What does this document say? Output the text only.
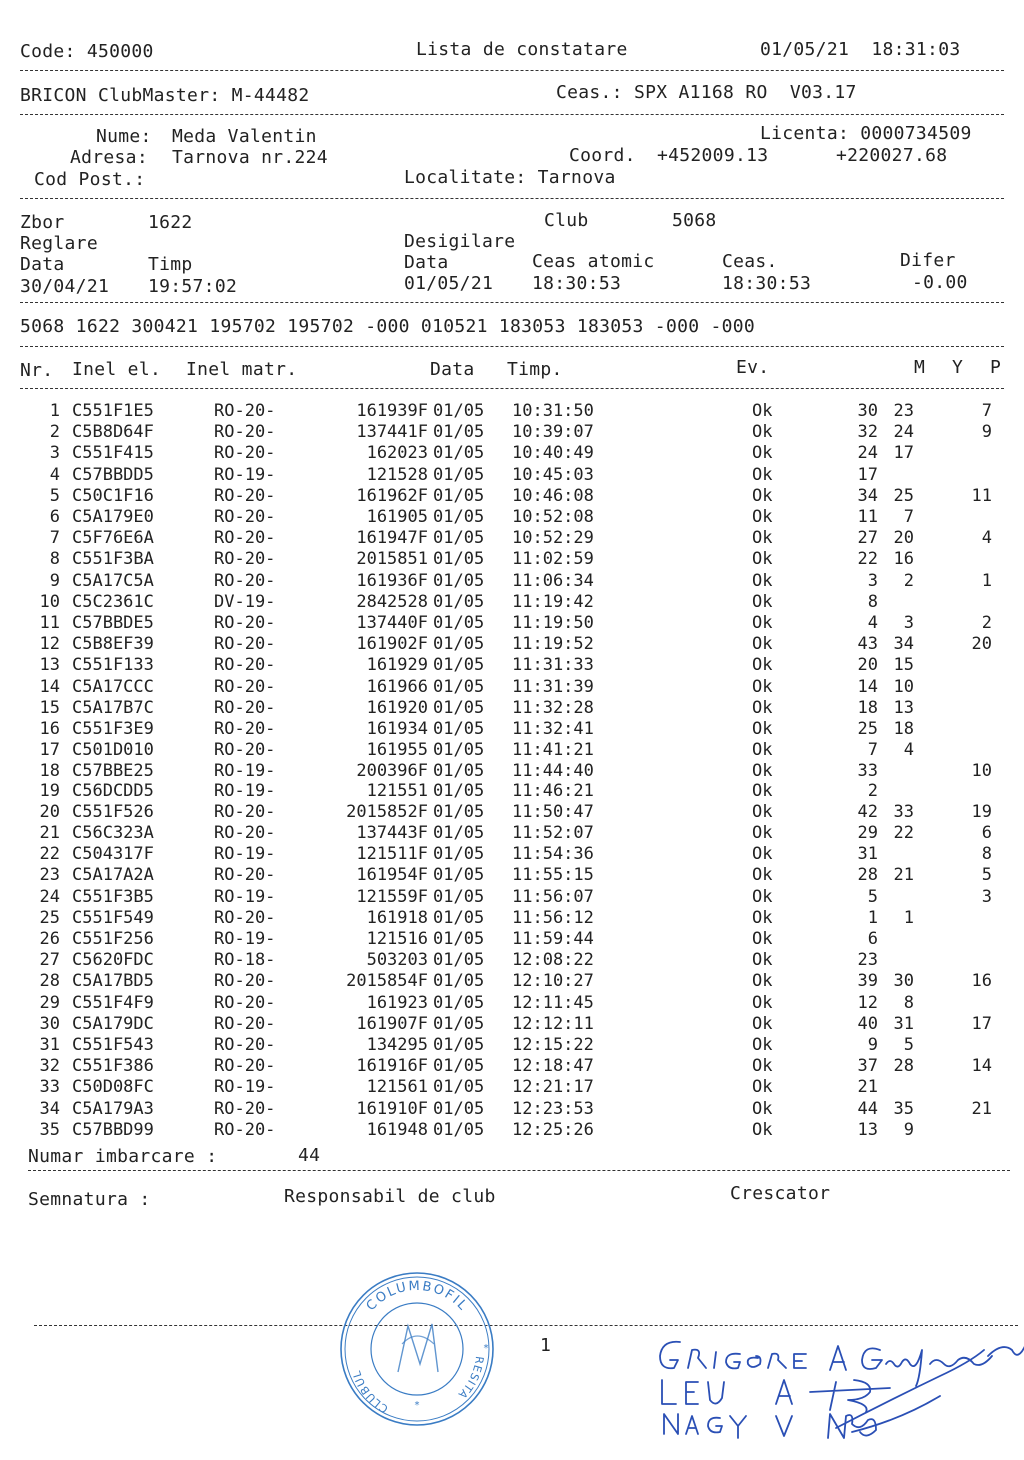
Code: 450000	Lista de constatare	01/05/21  18:31:03
BRICON ClubMaster: M-44482	Ceas.: SPX A1168 RO  V03.17
Nume: Meda Valentin	Licenta: 0000734509
Adresa: Tarnova nr.224	Coord. +452009.13	+220027.68
Cod Post.:	Localitate: Tarnova
Zbor	1622	Club	5068
Reglare	Desigilare
Data	Timp	Data	Ceas atomic	Ceas.	Difer
30/04/21 19:57:02	01/05/21 18:30:53	18:30:53	-0.00
5068 1622 300421 195702 195702 -000 010521 183053 183053 -000 -000
Nr. Inel el. Inel matr.	Data Timp.	Ev.	M Y P
1 C551F1E5	RO-20-	161939F 01/05 10:31:50	Ok	30 23	7
2 C5B8D64F	RO-20-	137441F 01/05 10:39:07	Ok	32 24	9
3 C551F415	RO-20-	162023 01/05 10:40:49	Ok	24 17
4 C57BBDD5	RO-19-	121528 01/05 10:45:03	Ok	17
5 C50C1F16	RO-20-	161962F 01/05 10:46:08	Ok	34 25	11
6 C5A179E0	RO-20-	161905 01/05 10:52:08	Ok	11 7
7 C5F76E6A	RO-20-	161947F 01/05 10:52:29	Ok	27 20	4
8 C551F3BA	RO-20-	2015851 01/05 11:02:59	Ok	22 16
9 C5A17C5A	RO-20-	161936F 01/05 11:06:34	Ok	3 2	1
10 C5C2361C	DV-19-	2842528 01/05 11:19:42	Ok	8
11 C57BBDE5	RO-20-	137440F 01/05 11:19:50	Ok	4 3	2
12 C5B8EF39	RO-20-	161902F 01/05 11:19:52	Ok	43 34	20
13 C551F133	RO-20-	161929 01/05 11:31:33	Ok	20 15
14 C5A17CCC	RO-20-	161966 01/05 11:31:39	Ok	14 10
15 C5A17B7C	RO-20-	161920 01/05 11:32:28	Ok	18 13
16 C551F3E9	RO-20-	161934 01/05 11:32:41	Ok	25 18
17 C501D010	RO-20-	161955 01/05 11:41:21	Ok	7 4
18 C57BBE25	RO-19-	200396F 01/05 11:44:40	Ok	33	10
19 C56DCDD5	RO-19-	121551 01/05 11:46:21	Ok	2
20 C551F526	RO-20-	2015852F 01/05 11:50:47	Ok	42 33	19
21 C56C323A	RO-20-	137443F 01/05 11:52:07	Ok	29 22	6
22 C504317F	RO-19-	121511F 01/05 11:54:36	Ok	31	8
23 C5A17A2A	RO-20-	161954F 01/05 11:55:15	Ok	28 21	5
24 C551F3B5	RO-19-	121559F 01/05 11:56:07	Ok	5	3
25 C551F549	RO-20-	161918 01/05 11:56:12	Ok	1 1
26 C551F256	RO-19-	121516 01/05 11:59:44	Ok	6
27 C5620FDC	RO-18-	503203 01/05 12:08:22	Ok	23
28 C5A17BD5	RO-20-	2015854F 01/05 12:10:27	Ok	39 30	16
29 C551F4F9	RO-20-	161923 01/05 12:11:45	Ok	12 8
30 C5A179DC	RO-20-	161907F 01/05 12:12:11	Ok	40 31	17
31 C551F543	RO-20-	134295 01/05 12:15:22	Ok	9 5
32 C551F386	RO-20-	161916F 01/05 12:18:47	Ok	37 28	14
33 C50D08FC	RO-19-	121561 01/05 12:21:17	Ok	21
34 C5A179A3	RO-20-	161910F 01/05 12:23:53	Ok	44 35	21
35 C57BBD99	RO-20-	161948 01/05 12:25:26	Ok	13 9
Numar imbarcare :	44
Semnatura :	Responsabil de club	Crescator
1
COLUMBOFIL
CLUBUL
RESITA
*
*
